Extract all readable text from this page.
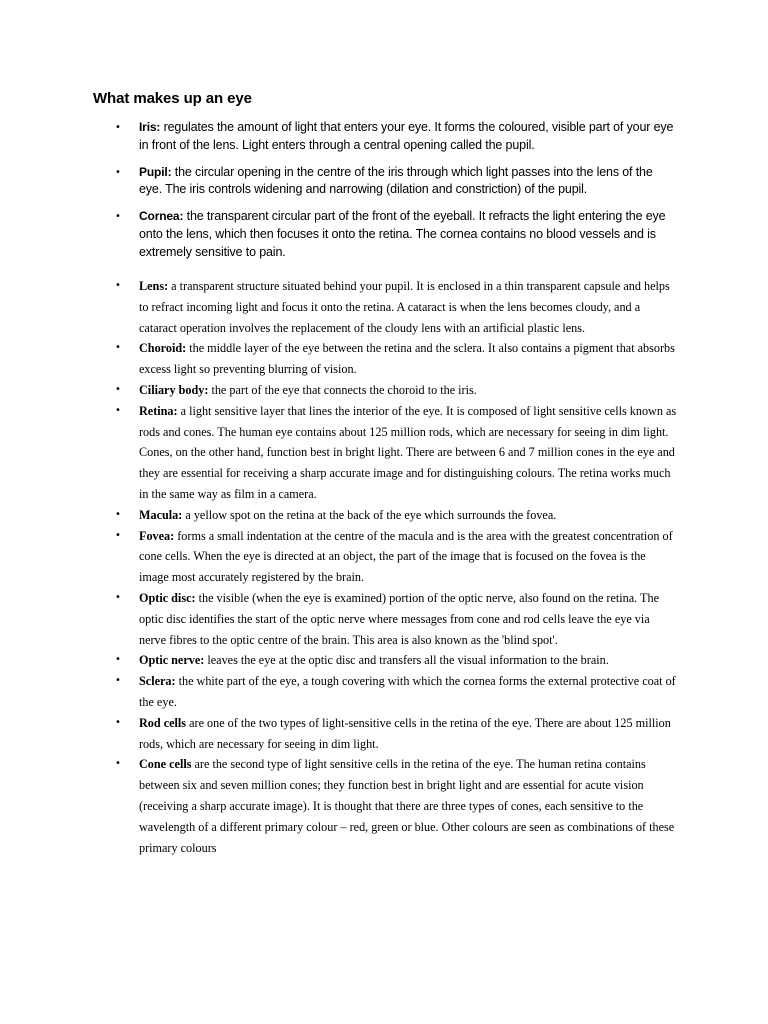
What makes up an eye
• Iris: regulates the amount of light that enters your eye. It forms the coloured, visible part of your eye in front of the lens. Light enters through a central opening called the pupil.
• Pupil: the circular opening in the centre of the iris through which light passes into the lens of the eye. The iris controls widening and narrowing (dilation and constriction) of the pupil.
• Cornea: the transparent circular part of the front of the eyeball. It refracts the light entering the eye onto the lens, which then focuses it onto the retina. The cornea contains no blood vessels and is extremely sensitive to pain.
• Lens: a transparent structure situated behind your pupil. It is enclosed in a thin transparent capsule and helps to refract incoming light and focus it onto the retina. A cataract is when the lens becomes cloudy, and a cataract operation involves the replacement of the cloudy lens with an artificial plastic lens.
• Choroid: the middle layer of the eye between the retina and the sclera. It also contains a pigment that absorbs excess light so preventing blurring of vision.
• Ciliary body: the part of the eye that connects the choroid to the iris.
• Retina: a light sensitive layer that lines the interior of the eye. It is composed of light sensitive cells known as rods and cones. The human eye contains about 125 million rods, which are necessary for seeing in dim light. Cones, on the other hand, function best in bright light. There are between 6 and 7 million cones in the eye and they are essential for receiving a sharp accurate image and for distinguishing colours. The retina works much in the same way as film in a camera.
• Macula: a yellow spot on the retina at the back of the eye which surrounds the fovea.
• Fovea: forms a small indentation at the centre of the macula and is the area with the greatest concentration of cone cells. When the eye is directed at an object, the part of the image that is focused on the fovea is the image most accurately registered by the brain.
• Optic disc: the visible (when the eye is examined) portion of the optic nerve, also found on the retina. The optic disc identifies the start of the optic nerve where messages from cone and rod cells leave the eye via nerve fibres to the optic centre of the brain. This area is also known as the 'blind spot'.
• Optic nerve: leaves the eye at the optic disc and transfers all the visual information to the brain.
• Sclera: the white part of the eye, a tough covering with which the cornea forms the external protective coat of the eye.
• Rod cells are one of the two types of light-sensitive cells in the retina of the eye. There are about 125 million rods, which are necessary for seeing in dim light.
• Cone cells are the second type of light sensitive cells in the retina of the eye. The human retina contains between six and seven million cones; they function best in bright light and are essential for acute vision (receiving a sharp accurate image). It is thought that there are three types of cones, each sensitive to the wavelength of a different primary colour – red, green or blue. Other colours are seen as combinations of these primary colours
